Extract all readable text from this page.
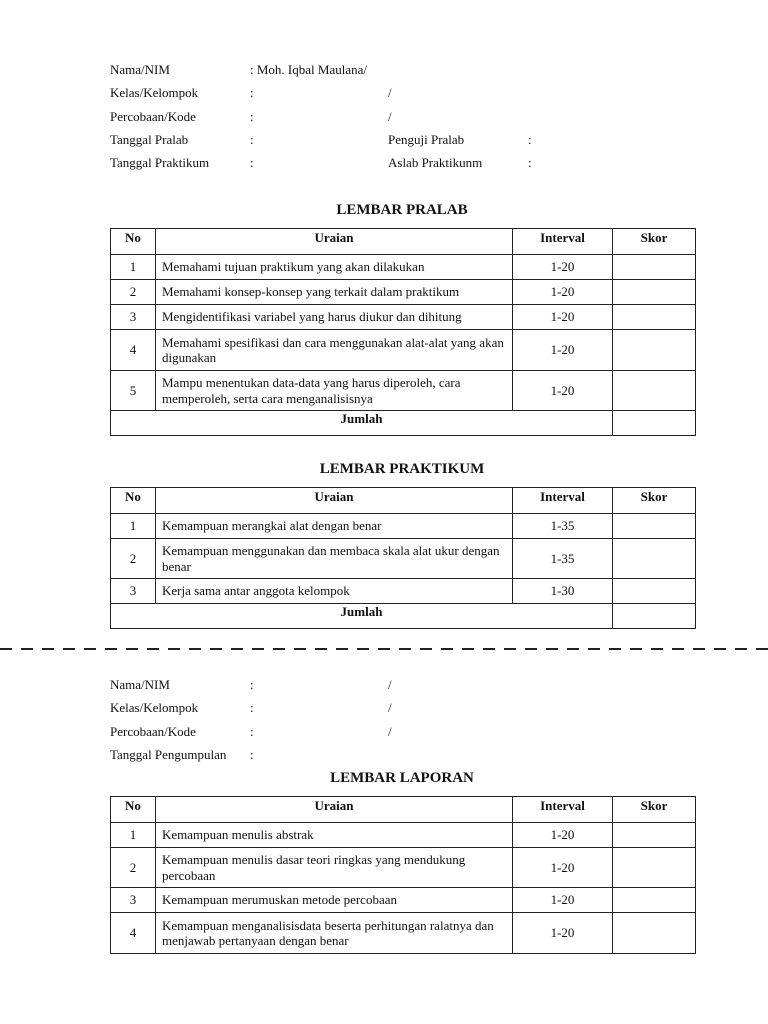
Nama/NIM	: Moh. Iqbal Maulana/
Kelas/Kelompok	:	/
Percobaan/Kode	:	/
Tanggal Pralab	:	Penguji Pralab	:
Tanggal Praktikum	:	Aslab Praktikunm	:
LEMBAR PRALAB
No	Uraian	Interval	Skor
1	Memahami tujuan praktikum yang akan dilakukan	1-20	
2	Memahami konsep-konsep yang terkait dalam praktikum	1-20	
3	Mengidentifikasi variabel yang harus diukur dan dihitung	1-20	
4	Memahami spesifikasi dan cara menggunakan alat-alat yang akan digunakan	1-20	
5	Mampu menentukan data-data yang harus diperoleh, cara memperoleh, serta cara menganalisisnya	1-20	
Jumlah			
LEMBAR PRAKTIKUM
No	Uraian	Interval	Skor
1	Kemampuan merangkai alat dengan benar	1-35	
2	Kemampuan menggunakan dan membaca skala alat ukur dengan benar	1-35	
3	Kerja sama antar anggota kelompok	1-30	
Jumlah			
Nama/NIM	:	/
Kelas/Kelompok	:	/
Percobaan/Kode	:	/
Tanggal Pengumpulan :
LEMBAR LAPORAN
No	Uraian	Interval	Skor
1	Kemampuan menulis abstrak	1-20	
2	Kemampuan menulis dasar teori ringkas yang mendukung percobaan	1-20	
3	Kemampuan merumuskan metode percobaan	1-20	
4	Kemampuan menganalisisdata beserta perhitungan ralatnya dan menjawab pertanyaan dengan benar	1-20	
